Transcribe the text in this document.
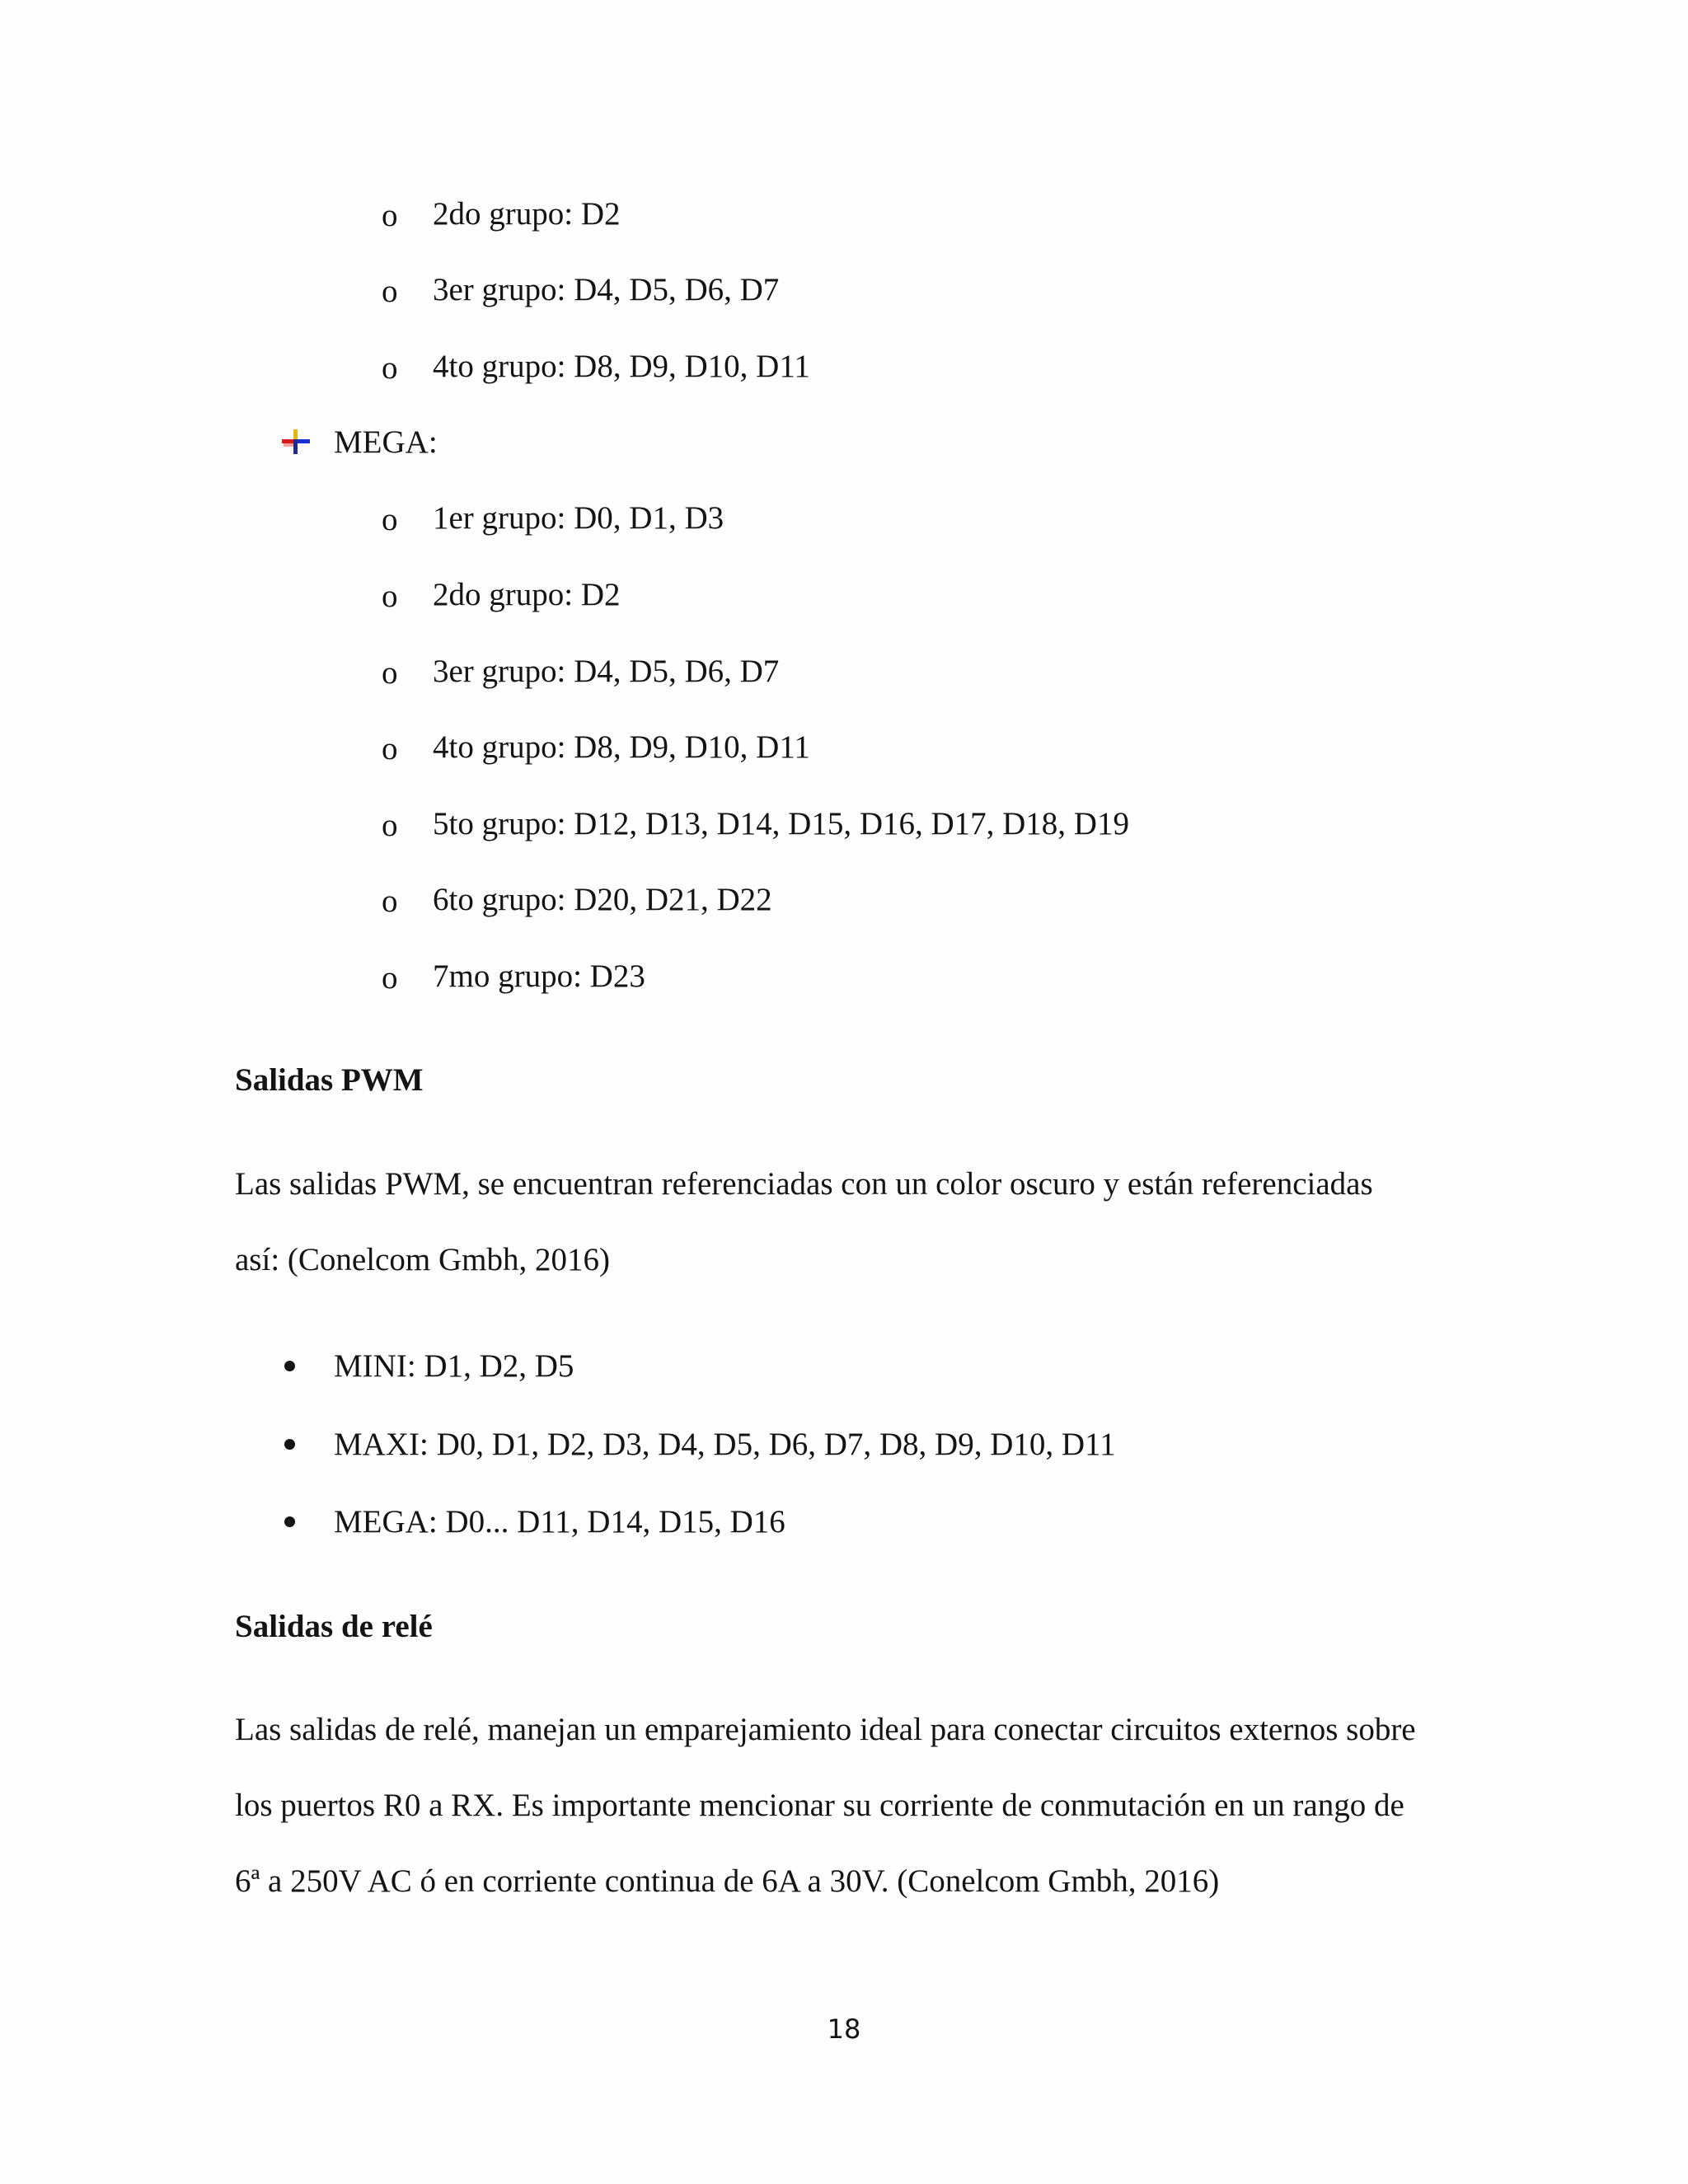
o 2do grupo: D2
o 3er grupo: D4, D5, D6, D7
o 4to grupo: D8, D9, D10, D11
MEGA:
o 1er grupo: D0, D1, D3
o 2do grupo: D2
o 3er grupo: D4, D5, D6, D7
o 4to grupo: D8, D9, D10, D11
o 5to grupo: D12, D13, D14, D15, D16, D17, D18, D19
o 6to grupo: D20, D21, D22
o 7mo grupo: D23
Salidas PWM
Las salidas PWM, se encuentran referenciadas con un color oscuro y están referenciadas
así: (Conelcom Gmbh, 2016)
MINI: D1, D2, D5
MAXI: D0, D1, D2, D3, D4, D5, D6, D7, D8, D9, D10, D11
MEGA: D0... D11, D14, D15, D16
Salidas de relé
Las salidas de relé, manejan un emparejamiento ideal para conectar circuitos externos sobre
los puertos R0 a RX. Es importante mencionar su corriente de conmutación en un rango de
6ª a 250V AC ó en corriente continua de 6A a 30V. (Conelcom Gmbh, 2016)
18
